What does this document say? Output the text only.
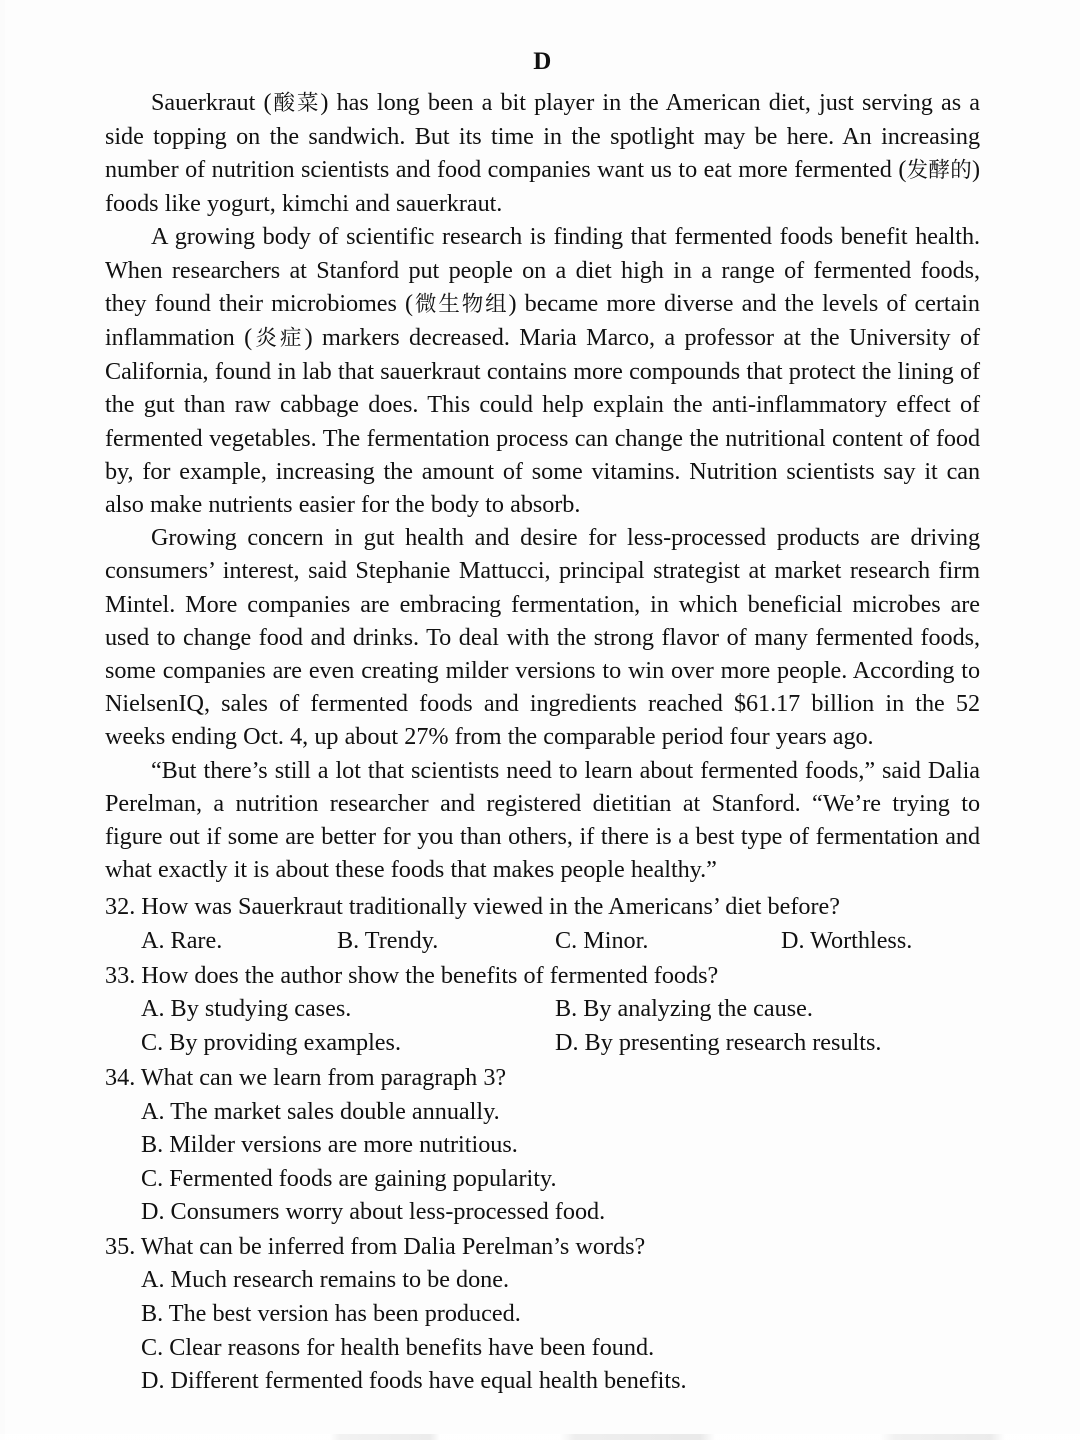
D

Sauerkraut (酸菜) has long been a bit player in the American diet, just serving as a side topping on the sandwich. But its time in the spotlight may be here. An increasing number of nutrition scientists and food companies want us to eat more fermented (发酵的) foods like yogurt, kimchi and sauerkraut.

A growing body of scientific research is finding that fermented foods benefit health. When researchers at Stanford put people on a diet high in a range of fermented foods, they found their microbiomes (微生物组) became more diverse and the levels of certain inflammation (炎症) markers decreased. Maria Marco, a professor at the University of California, found in lab that sauerkraut contains more compounds that protect the lining of the gut than raw cabbage does. This could help explain the anti-inflammatory effect of fermented vegetables. The fermentation process can change the nutritional content of food by, for example, increasing the amount of some vitamins. Nutrition scientists say it can also make nutrients easier for the body to absorb.

Growing concern in gut health and desire for less-processed products are driving consumers’ interest, said Stephanie Mattucci, principal strategist at market research firm Mintel. More companies are embracing fermentation, in which beneficial microbes are used to change food and drinks. To deal with the strong flavor of many fermented foods, some companies are even creating milder versions to win over more people. According to NielsenIQ, sales of fermented foods and ingredients reached $61.17 billion in the 52 weeks ending Oct. 4, up about 27% from the comparable period four years ago.

“But there’s still a lot that scientists need to learn about fermented foods,” said Dalia Perelman, a nutrition researcher and registered dietitian at Stanford. “We’re trying to figure out if some are better for you than others, if there is a best type of fermentation and what exactly it is about these foods that makes people healthy.”

32. How was Sauerkraut traditionally viewed in the Americans’ diet before?
A. Rare.	B. Trendy.	C. Minor.	D. Worthless.
33. How does the author show the benefits of fermented foods?
A. By studying cases.	B. By analyzing the cause.
C. By providing examples.	D. By presenting research results.
34. What can we learn from paragraph 3?
A. The market sales double annually.
B. Milder versions are more nutritious.
C. Fermented foods are gaining popularity.
D. Consumers worry about less-processed food.
35. What can be inferred from Dalia Perelman’s words?
A. Much research remains to be done.
B. The best version has been produced.
C. Clear reasons for health benefits have been found.
D. Different fermented foods have equal health benefits.
